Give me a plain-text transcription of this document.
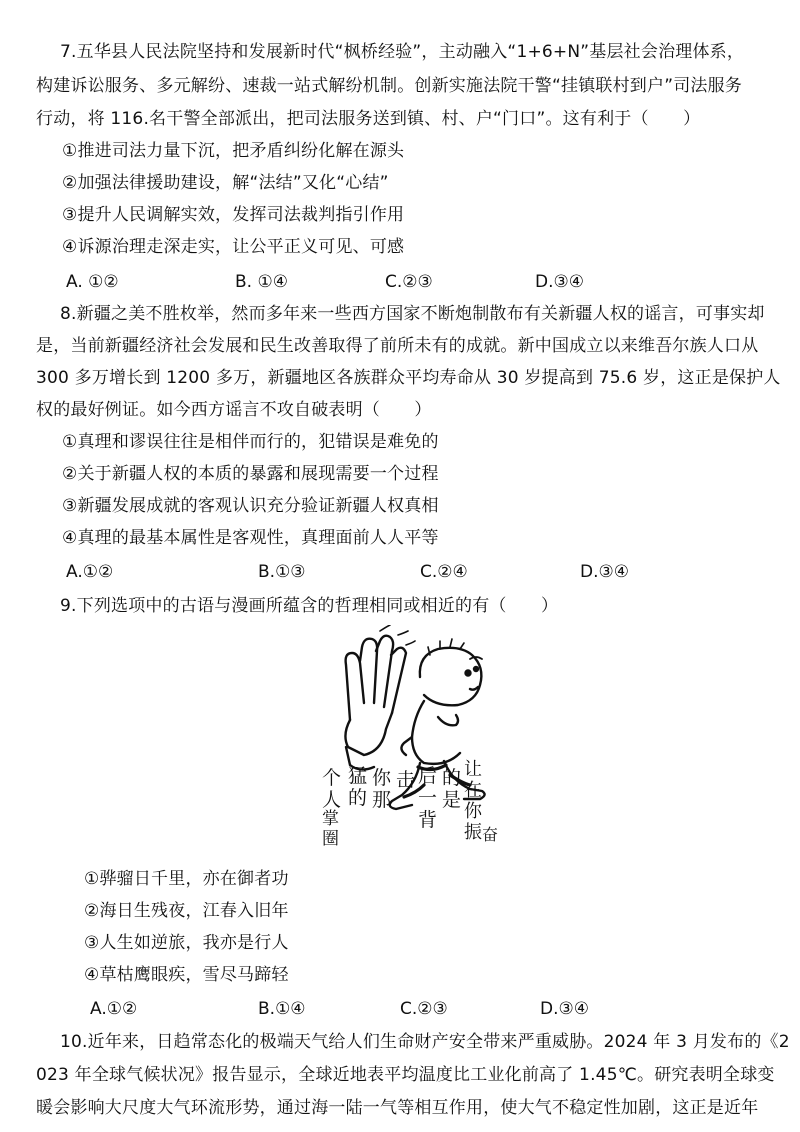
7.五华县人民法院坚持和发展新时代“枫桥经验”，主动融入“1+6+N”基层社会治理体系，
构建诉讼服务、多元解纷、速裁一站式解纷机制。创新实施法院干警“挂镇联村到户”司法服务
行动，将 116.名干警全部派出，把司法服务送到镇、村、户“门口”。这有利于（　　）
①推进司法力量下沉，把矛盾纠纷化解在源头
②加强法律援助建设，解“法结”又化“心结”
③提升人民调解实效，发挥司法裁判指引作用
④诉源治理走深走实，让公平正义可见、可感
A. ①②	B. ①④	C.②③	D.③④
8.新疆之美不胜枚举，然而多年来一些西方国家不断炮制散布有关新疆人权的谣言，可事实却
是，当前新疆经济社会发展和民生改善取得了前所未有的成就。新中国成立以来维吾尔族人口从
300 多万增长到 1200 多万，新疆地区各族群众平均寿命从 30 岁提高到 75.6 岁，这正是保护人
权的最好例证。如今西方谣言不攻自破表明（　　）
①真理和谬误往往是相伴而行的，犯错误是难免的
②关于新疆人权的本质的暴露和展现需要一个过程
③新疆发展成就的客观认识充分验证新疆人权真相
④真理的最基本属性是客观性，真理面前人人平等
A.①②	B.①③	C.②④	D.③④
9.下列选项中的古语与漫画所蕴含的哲理相同或相近的有（　　）
个人
掌圈
猛的
你那
击 后一
背
的是
让在
你振 奋
①骅骝日千里，亦在御者功
②海日生残夜，江春入旧年
③人生如逆旅，我亦是行人
④草枯鹰眼疾，雪尽马蹄轻
A.①②	B.①④	C.②③	D.③④
10.近年来，日趋常态化的极端天气给人们生命财产安全带来严重威胁。2024 年 3 月发布的《2
023 年全球气候状况》报告显示，全球近地表平均温度比工业化前高了 1.45℃。研究表明全球变
暖会影响大尺度大气环流形势，通过海一陆一气等相互作用，使大气不稳定性加剧，这正是近年
